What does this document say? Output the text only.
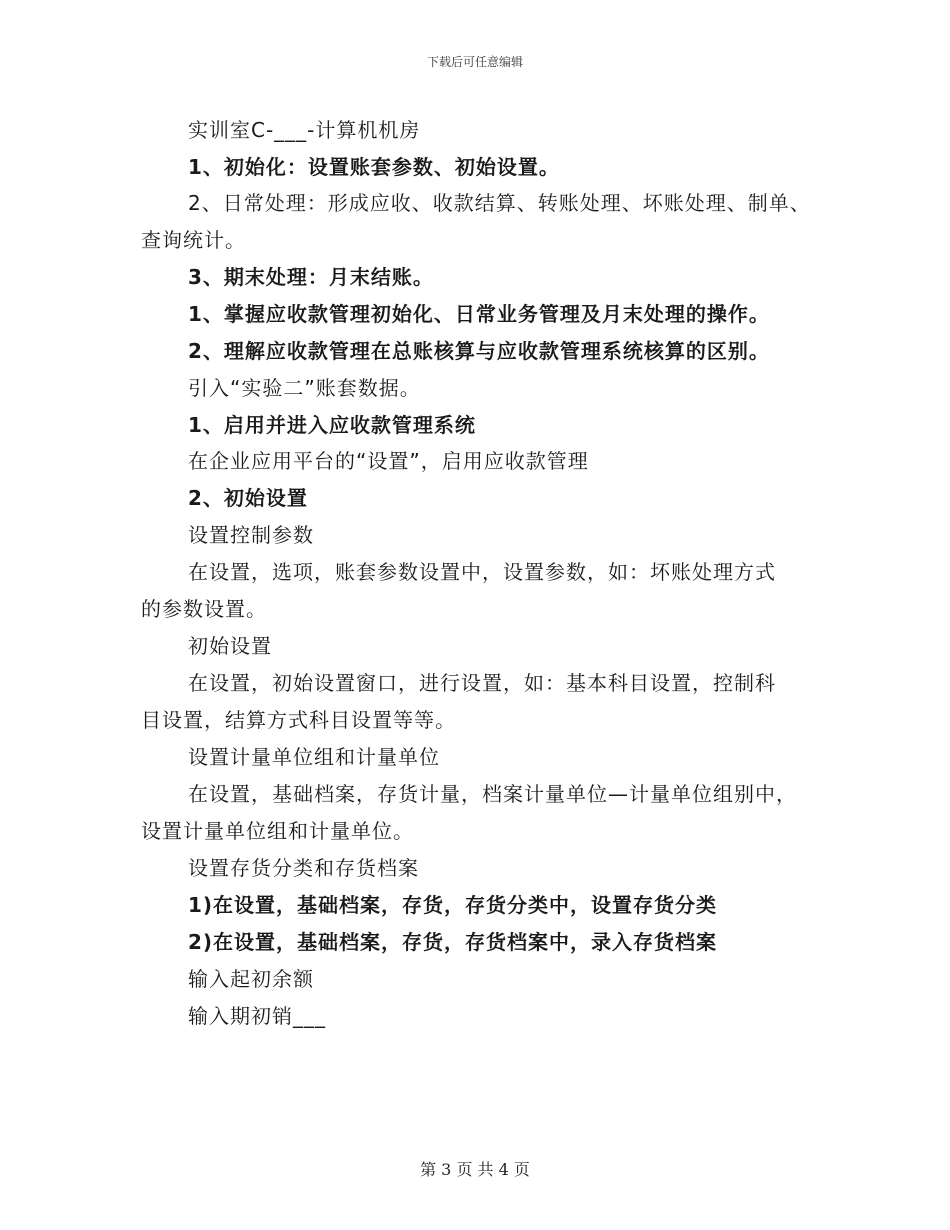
下载后可任意编辑
实训室C-___-计算机机房
1、初始化：设置账套参数、初始设置。
2、日常处理：形成应收、收款结算、转账处理、坏账处理、制单、
查询统计。
3、期末处理：月末结账。
1、掌握应收款管理初始化、日常业务管理及月末处理的操作。
2、理解应收款管理在总账核算与应收款管理系统核算的区别。
引入“实验二”账套数据。
1、启用并进入应收款管理系统
在企业应用平台的“设置”，启用应收款管理
2、初始设置
设置控制参数
在设置，选项，账套参数设置中，设置参数，如：坏账处理方式
的参数设置。
初始设置
在设置，初始设置窗口，进行设置，如：基本科目设置，控制科
目设置，结算方式科目设置等等。
设置计量单位组和计量单位
在设置，基础档案，存货计量，档案计量单位—计量单位组别中，
设置计量单位组和计量单位。
设置存货分类和存货档案
1)在设置，基础档案，存货，存货分类中，设置存货分类
2)在设置，基础档案，存货，存货档案中，录入存货档案
输入起初余额
输入期初销___
第 3 页 共 4 页
